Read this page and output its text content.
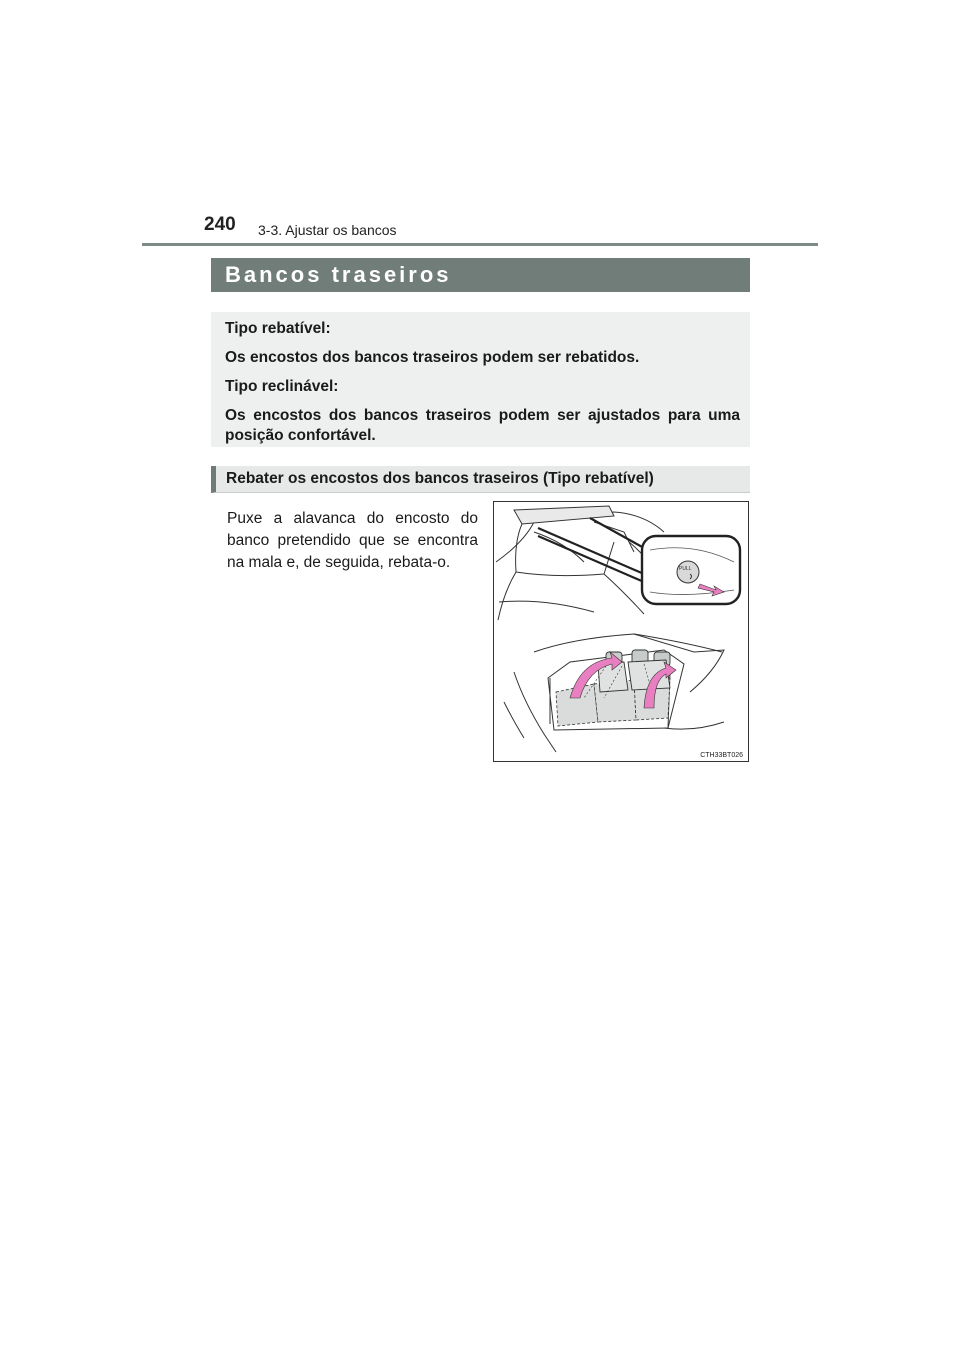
240 3-3. Ajustar os bancos
Bancos traseiros

Tipo rebatível:

Os encostos dos bancos traseiros podem ser rebatidos.

Tipo reclinável:

Os encostos dos bancos traseiros podem ser ajustados para uma posição confortável.

Rebater os encostos dos bancos traseiros (Tipo rebatível)
Puxe a alavanca do encosto do banco pretendido que se encontra na mala e, de seguida, rebata-o.	PULL
CTH33BT026
